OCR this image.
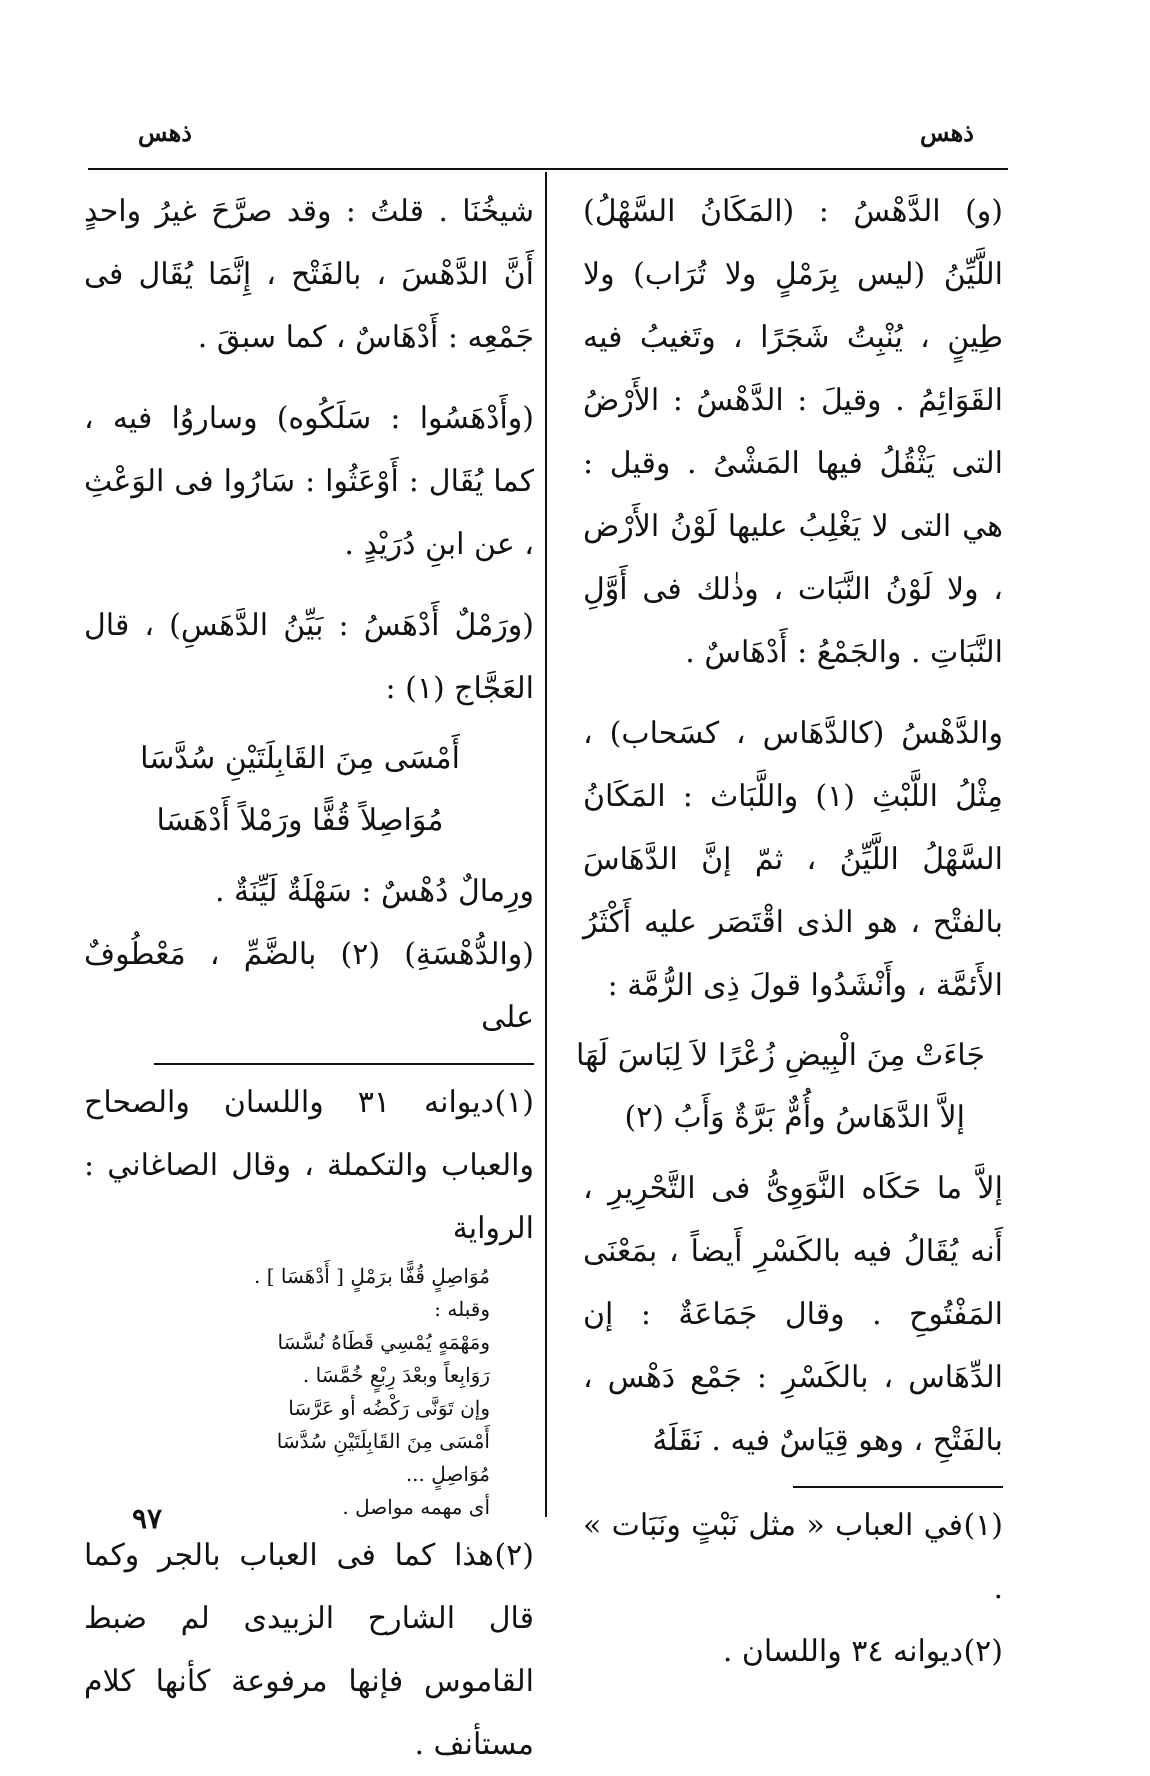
ذهس
ذهس

(و) الدَّهْسُ : (المَكَانُ السَّهْلُ) اللَّيِّنُ (ليس بِرَمْلٍ ولا تُرَاب) ولا طِينٍ ، يُنْبِتُ شَجَرًا ، وتَغيبُ فيه القَوَائِمُ . وقيلَ : الدَّهْسُ : الأَرْضُ التى يَثْقُلُ فيها المَشْىُ . وقيل : هي التى لا يَغْلِبُ عليها لَوْنُ الأَرْض ، ولا لَوْنُ النَّبَات ، وذٰلك فى أَوَّلِ النَّبَاتِ . والجَمْعُ : أَدْهَاسٌ .

والدَّهْسُ (كالدَّهَاس ، كسَحاب) ، مِثْلُ اللَّبْثِ (١) واللَّبَاث : المَكَانُ السَّهْلُ اللَّيِّنُ ، ثمّ إنَّ الدَّهَاسَ بالفتْح ، هو الذى اقْتَصَر عليه أَكْثَرُ الأَئمَّة ، وأَنْشَدُوا قولَ ذِى الرُّمَّة :

جَاءَتْ مِنَ الْبِيضِ زُعْرًا لاَ لِبَاسَ لَهَا
إلاَّ الدَّهَاسُ وأُمٌّ بَرَّةٌ وَأَبُ (٢)

إلاَّ ما حَكَاه النَّوَوِىُّ فى التَّحْرِيرِ ، أَنه يُقَالُ فيه بالكَسْرِ أَيضاً ، بمَعْنَى المَفْتُوحِ . وقال جَمَاعَةٌ : إن الدِّهَاس ، بالكَسْرِ : جَمْع دَهْس ، بالفَتْحِ ، وهو قِيَاسٌ فيه . نَقَلَهُ

(١)في العباب « مثل نَبْتٍ ونَبَات » .

(٢)ديوانه ٣٤ واللسان .

شيخُنَا . قلتُ : وقد صرَّحَ غيرُ واحدٍ أَنَّ الدَّهْسَ ، بالفَتْح ، إِنَّمَا يُقَال فى جَمْعِه : أَدْهَاسٌ ، كما سبقَ .

(وأَدْهَسُوا : سَلَكُوه) وساروُا فيه ، كما يُقَال : أَوْعَثُوا : سَارُوا فى الوَعْثِ ، عن ابنِ دُرَيْدٍ .

(ورَمْلٌ أَدْهَسُ : بَيِّنُ الدَّهَسِ) ، قال العَجَّاج (١) :

أَمْسَى مِنَ القَابِلَتَيْنِ سُدَّسَا
مُوَاصِلاً قُفًّا ورَمْلاً أَدْهَسَا

ورِمالٌ دُهْسٌ : سَهْلَةٌ لَيِّنَةٌ .

(والدُّهْسَةِ) (٢) بالضَّمِّ ، مَعْطُوفٌ على

(١)ديوانه ٣١ واللسان والصحاح والعباب والتكملة ، وقال الصاغاني : الرواية

مُوَاصِلٍ قُفًّا برَمْلٍ [ أَدْهَسَا ] .

وقبله :

ومَهْمَهٍ يُمْسِي قَطَاهُ نُسَّسَا

رَوَابِعاً وبعْدَ رِبْعٍ خُمَّسَا .

وإن تَوَنَّى رَكْضُه أو عَرَّسَا

أَمْسَى مِنَ القَابِلَتَيْنِ سُدَّسَا

مُوَاصِلٍ ...

أى مهمه مواصل .

(٢)هذا كما فى العباب بالجر وكما قال الشارح الزبيدى لم ضبط القاموس فإنها مرفوعة كأنها كلام مستأنف .

٩٧
